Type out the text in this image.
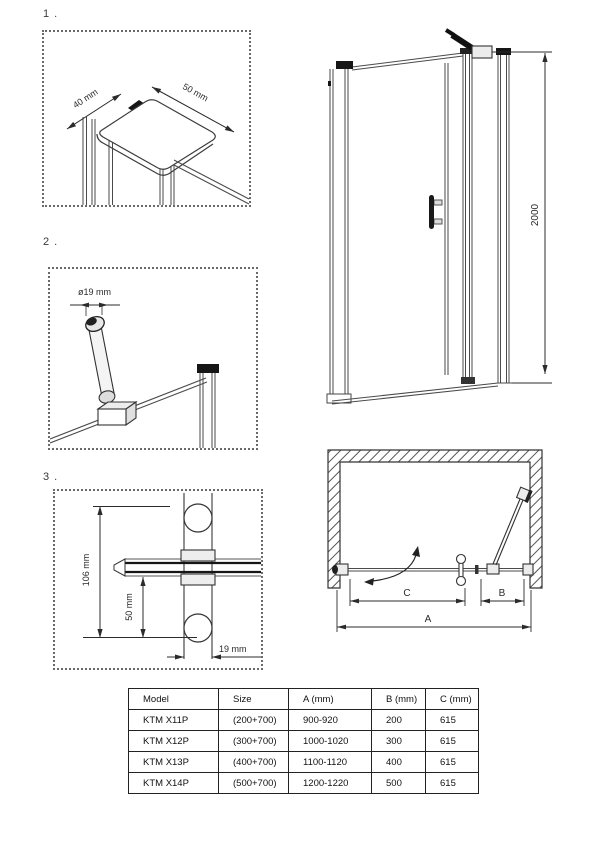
1 .
40 mm	50 mm
2 .
ø19 mm
3 .
106 mm
50 mm
19 mm
2000
C	B
A
Model	Size	A (mm)	B (mm)	C (mm)
KTM X11P	(200+700)	900-920	200	615
KTM X12P	(300+700)	1000-1020	300	615
KTM X13P	(400+700)	1100-1120	400	615
KTM X14P	(500+700)	1200-1220	500	615
